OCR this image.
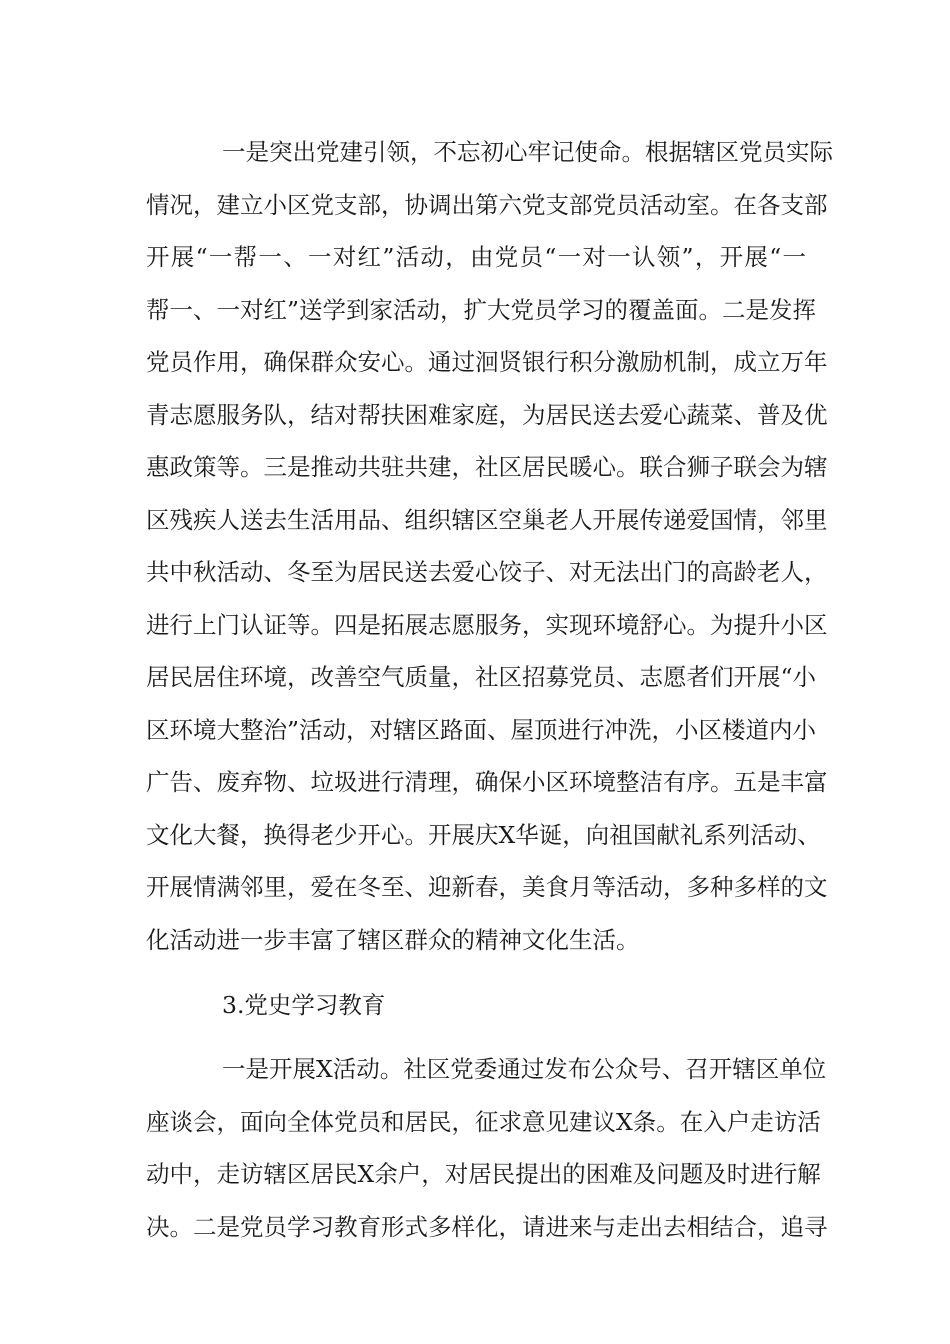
一是突出党建引领，不忘初心牢记使命。根据辖区党员实际
情况，建立小区党支部，协调出第六党支部党员活动室。在各支部
开展“一帮一、一对红”活动，由党员“一对一认领”，开展“一
帮一、一对红”送学到家活动，扩大党员学习的覆盖面。二是发挥
党员作用，确保群众安心。通过洄贤银行积分激励机制，成立万年
青志愿服务队，结对帮扶困难家庭，为居民送去爱心蔬菜、普及优
惠政策等。三是推动共驻共建，社区居民暖心。联合狮子联会为辖
区残疾人送去生活用品、组织辖区空巢老人开展传递爱国情，邻里
共中秋活动、冬至为居民送去爱心饺子、对无法出门的高龄老人，
进行上门认证等。四是拓展志愿服务，实现环境舒心。为提升小区
居民居住环境，改善空气质量，社区招募党员、志愿者们开展“小
区环境大整治”活动，对辖区路面、屋顶进行冲洗，小区楼道内小
广告、废弃物、垃圾进行清理，确保小区环境整洁有序。五是丰富
文化大餐，换得老少开心。开展庆X华诞，向祖国献礼系列活动、
开展情满邻里，爱在冬至、迎新春，美食月等活动，多种多样的文
化活动进一步丰富了辖区群众的精神文化生活。
3.党史学习教育
一是开展X活动。社区党委通过发布公众号、召开辖区单位
座谈会，面向全体党员和居民，征求意见建议X条。在入户走访活
动中，走访辖区居民X余户，对居民提出的困难及问题及时进行解
决。二是党员学习教育形式多样化，请进来与走出去相结合，追寻
